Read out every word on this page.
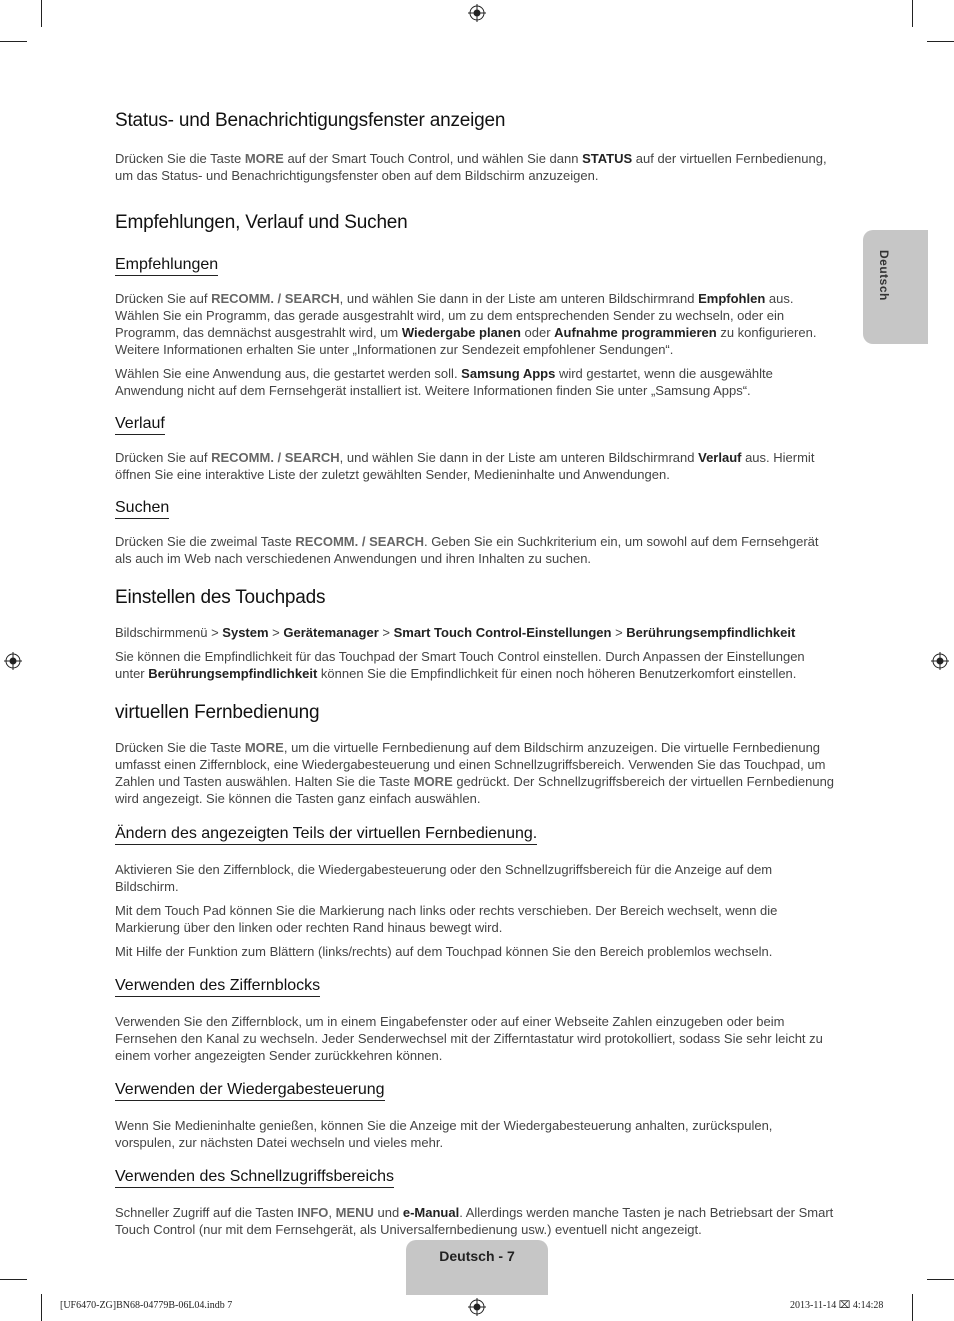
Deutsch
Status- und Benachrichtigungsfenster anzeigen

Drücken Sie die Taste MORE auf der Smart Touch Control, und wählen Sie dann STATUS auf der virtuellen Fernbedienung, um das Status- und Benachrichtigungsfenster oben auf dem Bildschirm anzuzeigen.

Empfehlungen, Verlauf und Suchen
Empfehlungen

Drücken Sie auf RECOMM. / SEARCH, und wählen Sie dann in der Liste am unteren Bildschirmrand Empfohlen aus. Wählen Sie ein Programm, das gerade ausgestrahlt wird, um zu dem entsprechenden Sender zu wechseln, oder ein Programm, das demnächst ausgestrahlt wird, um Wiedergabe planen oder Aufnahme programmieren zu konfigurieren. Weitere Informationen erhalten Sie unter „Informationen zur Sendezeit empfohlener Sendungen“.

Wählen Sie eine Anwendung aus, die gestartet werden soll. Samsung Apps wird gestartet, wenn die ausgewählte Anwendung nicht auf dem Fernsehgerät installiert ist. Weitere Informationen finden Sie unter „Samsung Apps“.

Verlauf

Drücken Sie auf RECOMM. / SEARCH, und wählen Sie dann in der Liste am unteren Bildschirmrand Verlauf aus. Hiermit öffnen Sie eine interaktive Liste der zuletzt gewählten Sender, Medieninhalte und Anwendungen.

Suchen

Drücken Sie die zweimal Taste RECOMM. / SEARCH. Geben Sie ein Suchkriterium ein, um sowohl auf dem Fernsehgerät als auch im Web nach verschiedenen Anwendungen und ihren Inhalten zu suchen.

Einstellen des Touchpads

Bildschirmmenü > System > Gerätemanager > Smart Touch Control-Einstellungen > Berührungsempfindlichkeit

Sie können die Empfindlichkeit für das Touchpad der Smart Touch Control einstellen. Durch Anpassen der Einstellungen unter Berührungsempfindlichkeit können Sie die Empfindlichkeit für einen noch höheren Benutzerkomfort einstellen.

virtuellen Fernbedienung

Drücken Sie die Taste MORE, um die virtuelle Fernbedienung auf dem Bildschirm anzuzeigen. Die virtuelle Fernbedienung umfasst einen Ziffernblock, eine Wiedergabesteuerung und einen Schnellzugriffsbereich. Verwenden Sie das Touchpad, um Zahlen und Tasten auswählen. Halten Sie die Taste MORE gedrückt. Der Schnellzugriffsbereich der virtuellen Fernbedienung wird angezeigt. Sie können die Tasten ganz einfach auswählen.

Ändern des angezeigten Teils der virtuellen Fernbedienung.

Aktivieren Sie den Ziffernblock, die Wiedergabesteuerung oder den Schnellzugriffsbereich für die Anzeige auf dem Bildschirm.

Mit dem Touch Pad können Sie die Markierung nach links oder rechts verschieben. Der Bereich wechselt, wenn die Markierung über den linken oder rechten Rand hinaus bewegt wird.

Mit Hilfe der Funktion zum Blättern (links/rechts) auf dem Touchpad können Sie den Bereich problemlos wechseln.

Verwenden des Ziffernblocks

Verwenden Sie den Ziffernblock, um in einem Eingabefenster oder auf einer Webseite Zahlen einzugeben oder beim Fernsehen den Kanal zu wechseln. Jeder Senderwechsel mit der Zifferntastatur wird protokolliert, sodass Sie sehr leicht zu einem vorher angezeigten Sender zurückkehren können.

Verwenden der Wiedergabesteuerung

Wenn Sie Medieninhalte genießen, können Sie die Anzeige mit der Wiedergabesteuerung anhalten, zurückspulen, vorspulen, zur nächsten Datei wechseln und vieles mehr.

Verwenden des Schnellzugriffsbereichs

Schneller Zugriff auf die Tasten INFO, MENU und e-Manual. Allerdings werden manche Tasten je nach Betriebsart der Smart Touch Control (nur mit dem Fernsehgerät, als Universalfernbedienung usw.) eventuell nicht angezeigt.

Deutsch - 7
[UF6470-ZG]BN68-04779B-06L04.indb 7	2013-11-14 ⌧ 4:14:28
